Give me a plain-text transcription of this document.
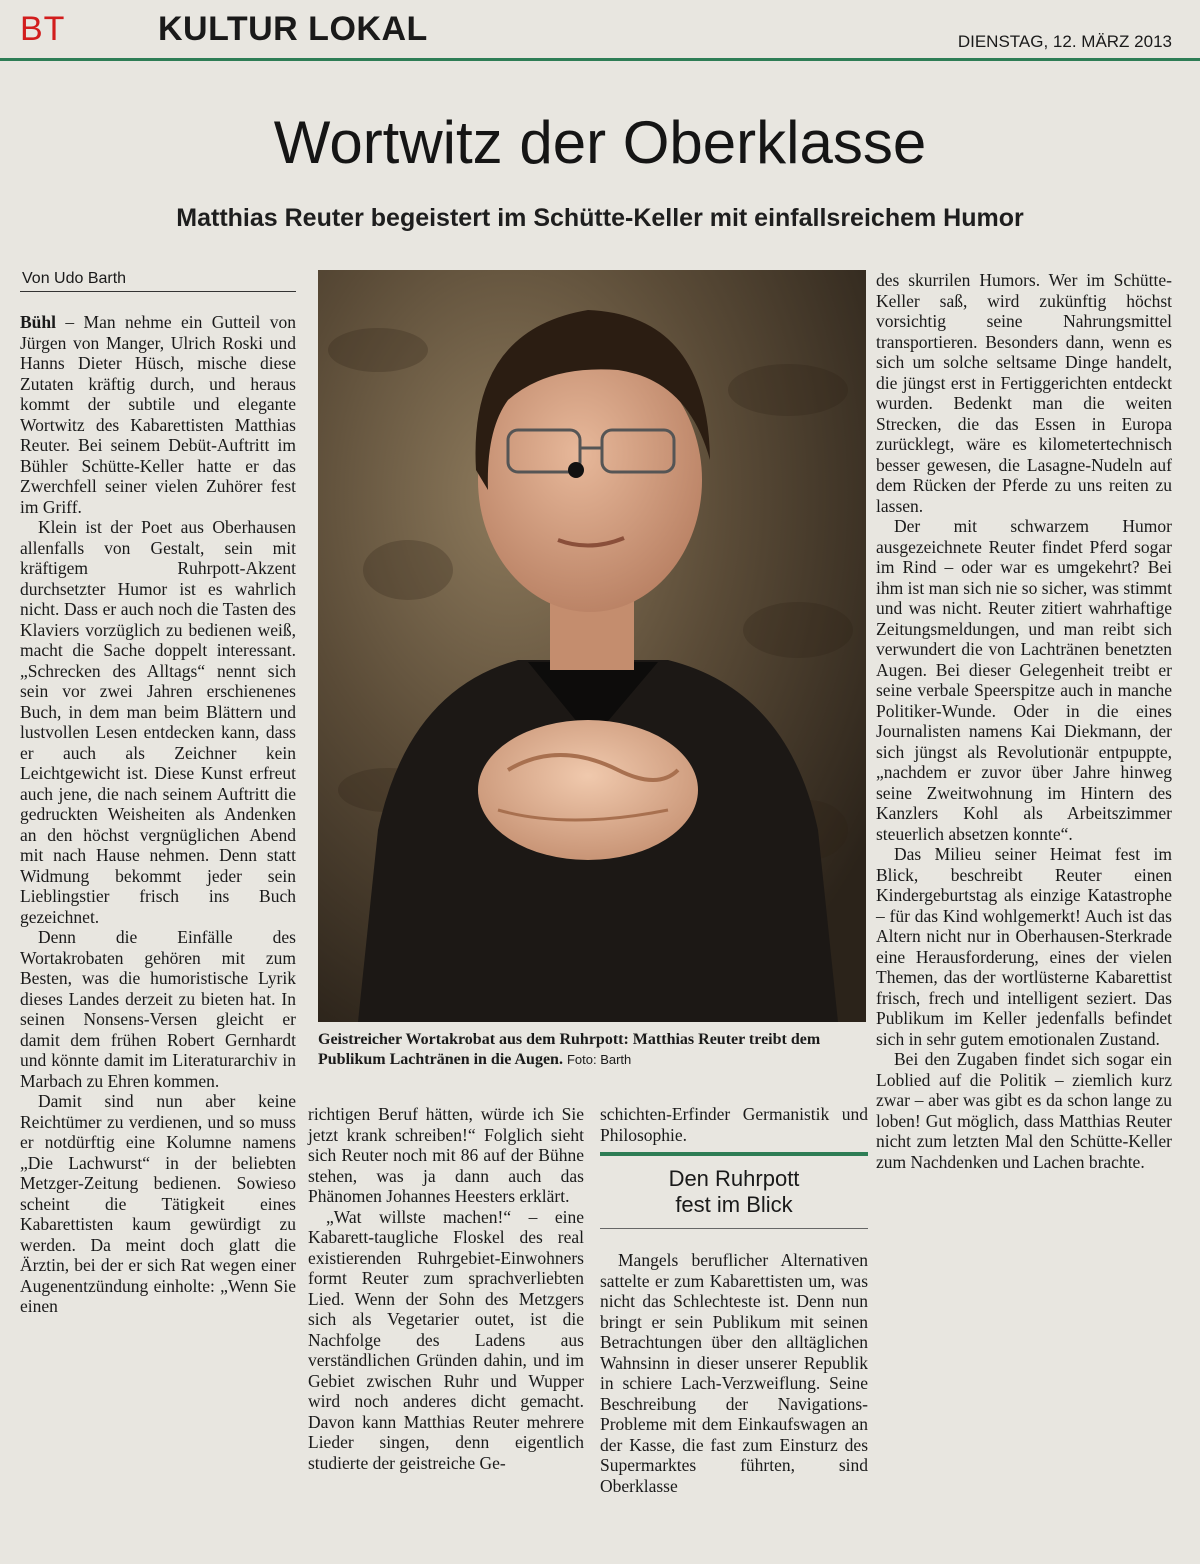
BT	KULTUR LOKAL	DIENSTAG, 12. MÄRZ 2013
Wortwitz der Oberklasse
Matthias Reuter begeistert im Schütte-Keller mit einfallsreichem Humor
Von Udo Barth

Bühl – Man nehme ein Gutteil von Jürgen von Manger, Ulrich Roski und Hanns Dieter Hüsch, mische diese Zutaten kräftig durch, und heraus kommt der subtile und elegante Wortwitz des Kabarettisten Matthias Reuter. Bei seinem Debüt-Auftritt im Bühler Schütte-Keller hatte er das Zwerchfell seiner vielen Zuhörer fest im Griff.

Klein ist der Poet aus Oberhausen allenfalls von Gestalt, sein mit kräftigem Ruhrpott-Akzent durchsetzter Humor ist es wahrlich nicht. Dass er auch noch die Tasten des Klaviers vorzüglich zu bedienen weiß, macht die Sache doppelt interessant. „Schrecken des Alltags“ nennt sich sein vor zwei Jahren erschienenes Buch, in dem man beim Blättern und lustvollen Lesen entdecken kann, dass er auch als Zeichner kein Leichtgewicht ist. Diese Kunst erfreut auch jene, die nach seinem Auftritt die gedruckten Weisheiten als Andenken an den höchst vergnüglichen Abend mit nach Hause nehmen. Denn statt Widmung bekommt jeder sein Lieblingstier frisch ins Buch gezeichnet.

Denn die Einfälle des Wortakrobaten gehören mit zum Besten, was die humoristische Lyrik dieses Landes derzeit zu bieten hat. In seinen Nonsens-Versen gleicht er damit dem frühen Robert Gernhardt und könnte damit im Literaturarchiv in Marbach zu Ehren kommen.

Damit sind nun aber keine Reichtümer zu verdienen, und so muss er notdürftig eine Kolumne namens „Die Lachwurst“ in der beliebten Metzger-Zeitung bedienen. Sowieso scheint die Tätigkeit eines Kabarettisten kaum gewürdigt zu werden. Da meint doch glatt die Ärztin, bei der er sich Rat wegen einer Augenentzündung einholte: „Wenn Sie einen

Geistreicher Wortakrobat aus dem Ruhrpott: Matthias Reuter treibt dem Publikum Lachtränen in die Augen. Foto: Barth

richtigen Beruf hätten, würde ich Sie jetzt krank schreiben!“ Folglich sieht sich Reuter noch mit 86 auf der Bühne stehen, was ja dann auch das Phänomen Johannes Heesters erklärt.

„Wat willste machen!“ – eine Kabarett-taugliche Floskel des real existierenden Ruhrgebiet-Einwohners formt Reuter zum sprachverliebten Lied. Wenn der Sohn des Metzgers sich als Vegetarier outet, ist die Nachfolge des Ladens aus verständlichen Gründen dahin, und im Gebiet zwischen Ruhr und Wupper wird noch anderes dicht gemacht. Davon kann Matthias Reuter mehrere Lieder singen, denn eigentlich studierte der geistreiche Ge-

schichten-Erfinder Germanistik und Philosophie.

Den Ruhrpott
fest im Blick

Mangels beruflicher Alternativen sattelte er zum Kabarettisten um, was nicht das Schlechteste ist. Denn nun bringt er sein Publikum mit seinen Betrachtungen über den alltäglichen Wahnsinn in dieser unserer Republik in schiere Lach-Verzweiflung. Seine Beschreibung der Navigations-Probleme mit dem Einkaufswagen an der Kasse, die fast zum Einsturz des Supermarktes führten, sind Oberklasse

des skurrilen Humors. Wer im Schütte-Keller saß, wird zukünftig höchst vorsichtig seine Nahrungsmittel transportieren. Besonders dann, wenn es sich um solche seltsame Dinge handelt, die jüngst erst in Fertiggerichten entdeckt wurden. Bedenkt man die weiten Strecken, die das Essen in Europa zurücklegt, wäre es kilometertechnisch besser gewesen, die Lasagne-Nudeln auf dem Rücken der Pferde zu uns reiten zu lassen.

Der mit schwarzem Humor ausgezeichnete Reuter findet Pferd sogar im Rind – oder war es umgekehrt? Bei ihm ist man sich nie so sicher, was stimmt und was nicht. Reuter zitiert wahrhaftige Zeitungsmeldungen, und man reibt sich verwundert die von Lachtränen benetzten Augen. Bei dieser Gelegenheit treibt er seine verbale Speerspitze auch in manche Politiker-Wunde. Oder in die eines Journalisten namens Kai Diekmann, der sich jüngst als Revolutionär entpuppte, „nachdem er zuvor über Jahre hinweg seine Zweitwohnung im Hintern des Kanzlers Kohl als Arbeitszimmer steuerlich absetzen konnte“.

Das Milieu seiner Heimat fest im Blick, beschreibt Reuter einen Kindergeburtstag als einzige Katastrophe – für das Kind wohlgemerkt! Auch ist das Altern nicht nur in Oberhausen-Sterkrade eine Herausforderung, eines der vielen Themen, das der wortlüsterne Kabarettist frisch, frech und intelligent seziert. Das Publikum im Keller jedenfalls befindet sich in sehr gutem emotionalen Zustand.

Bei den Zugaben findet sich sogar ein Loblied auf die Politik – ziemlich kurz zwar – aber was gibt es da schon lange zu loben! Gut möglich, dass Matthias Reuter nicht zum letzten Mal den Schütte-Keller zum Nachdenken und Lachen brachte.
